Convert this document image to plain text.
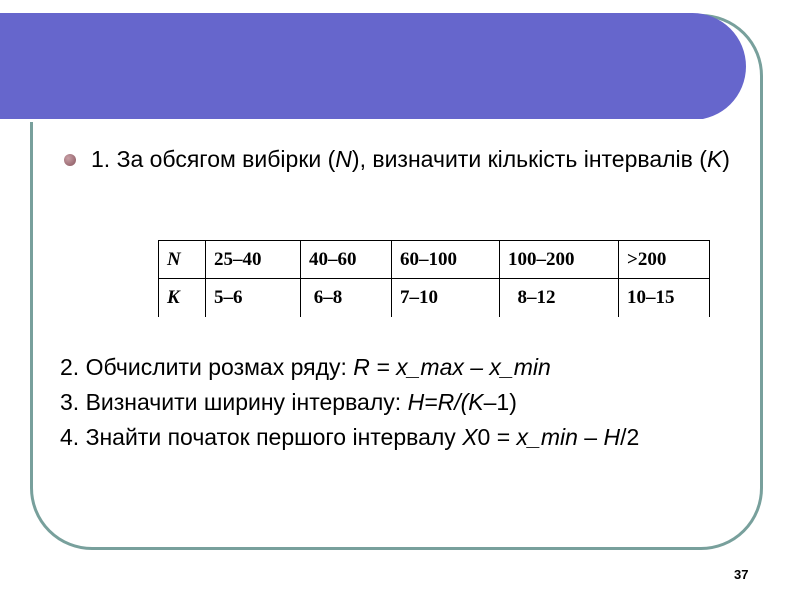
1. За обсягом вибірки (N), визначити кількість інтервалів (K)
N	25–40	40–60	60–100	100–200	>200
K	5–6	6–8	7–10	8–12	10–15
2. Обчислити розмах ряду: R = x_max – x_min
3. Визначити ширину інтервалу: H=R/(K–1)
4. Знайти початок першого інтервалу X0 = x_min – H/2
37
